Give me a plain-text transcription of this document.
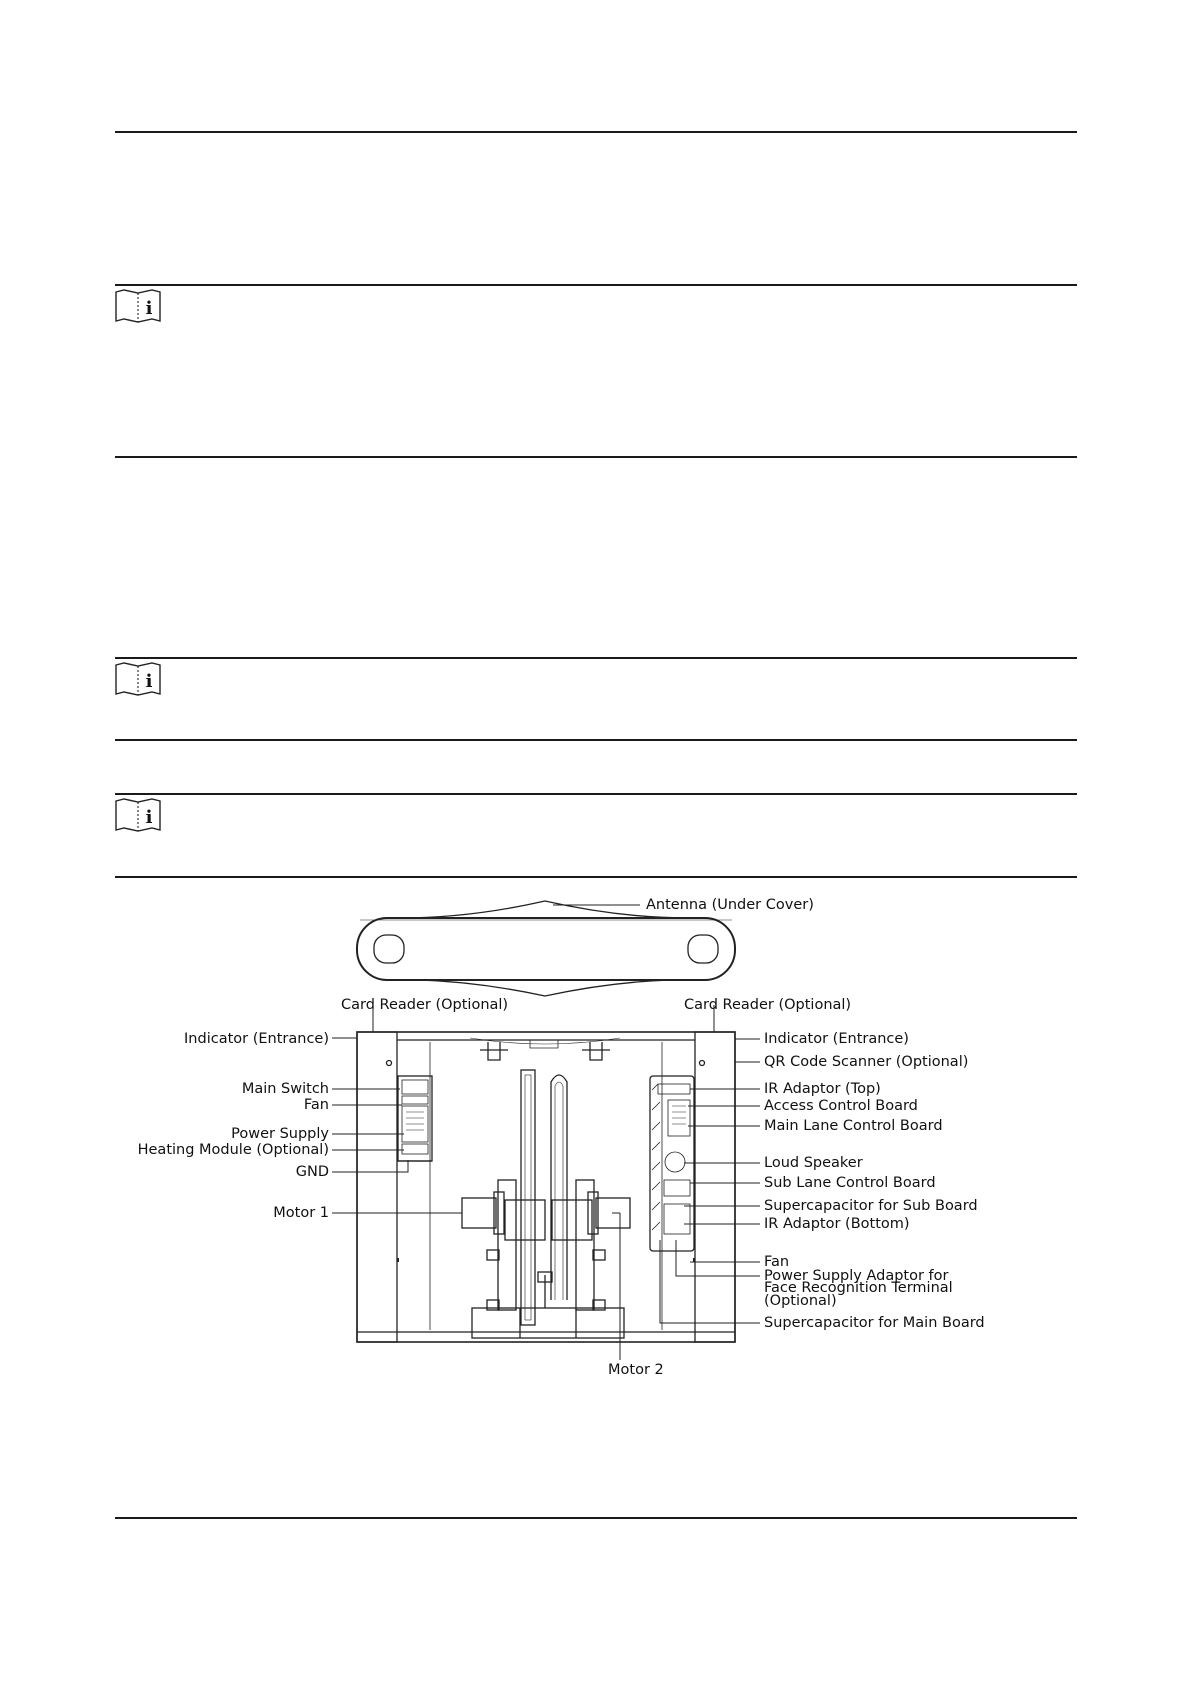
i
i
i
Antenna (Under Cover)
Card Reader (Optional)	Card Reader (Optional)
Indicator (Entrance)
Main Switch
Fan
Power Supply
Heating Module (Optional)
GND
Motor 1
Motor 2
Indicator (Entrance)
QR Code Scanner (Optional)
IR Adaptor (Top)
Access Control Board
Main Lane Control Board
Loud Speaker
Sub Lane Control Board
Supercapacitor for Sub Board
IR Adaptor (Bottom)
Fan
Power Supply Adaptor for
Face Recognition Terminal
(Optional)
Supercapacitor for Main Board
